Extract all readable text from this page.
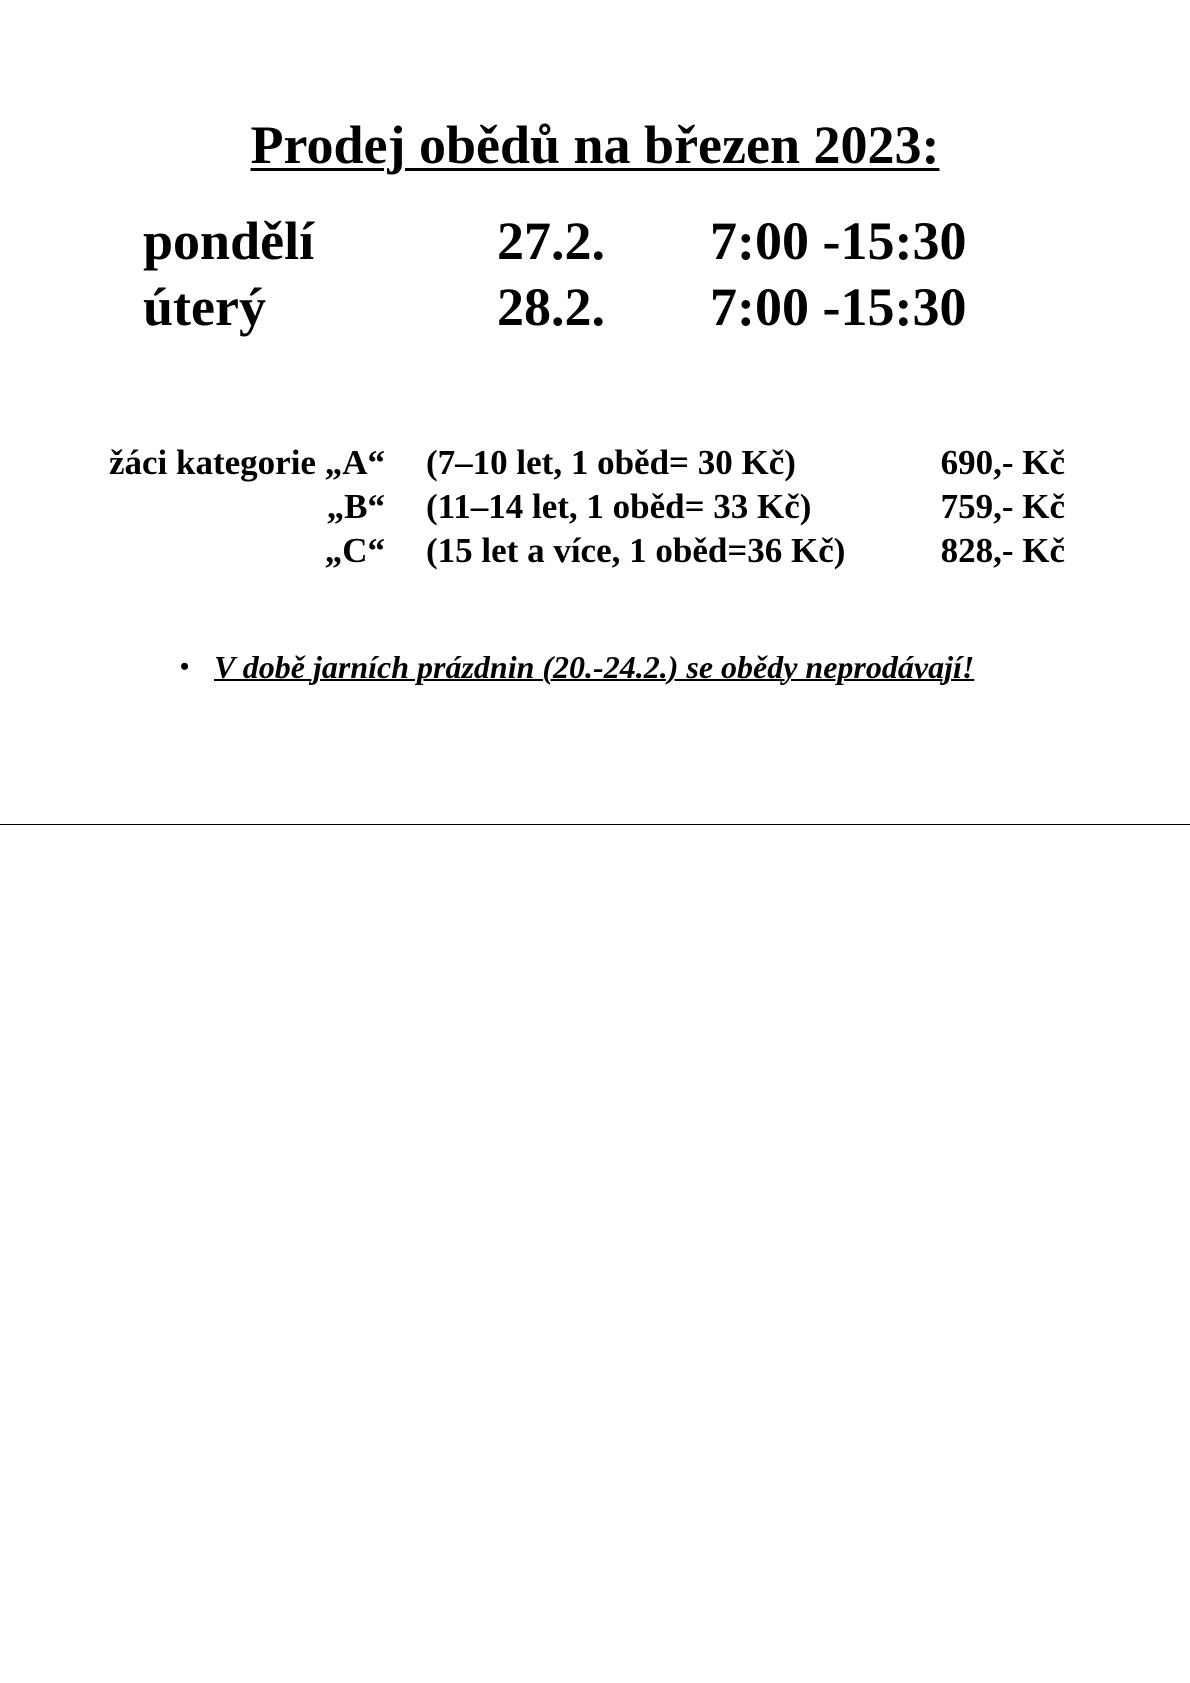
Prodej obědů na březen 2023:
pondělí	27.2. 7:00 -15:30
úterý	28.2. 7:00 -15:30
žáci kategorie „A“ (7–10 let, 1 oběd= 30 Kč)	690,- Kč
„B“ (11–14 let, 1 oběd= 33 Kč)	759,- Kč
„C“ (15 let a více, 1 oběd=36 Kč)	828,- Kč
• V době jarních prázdnin (20.-24.2.) se obědy neprodávají!
